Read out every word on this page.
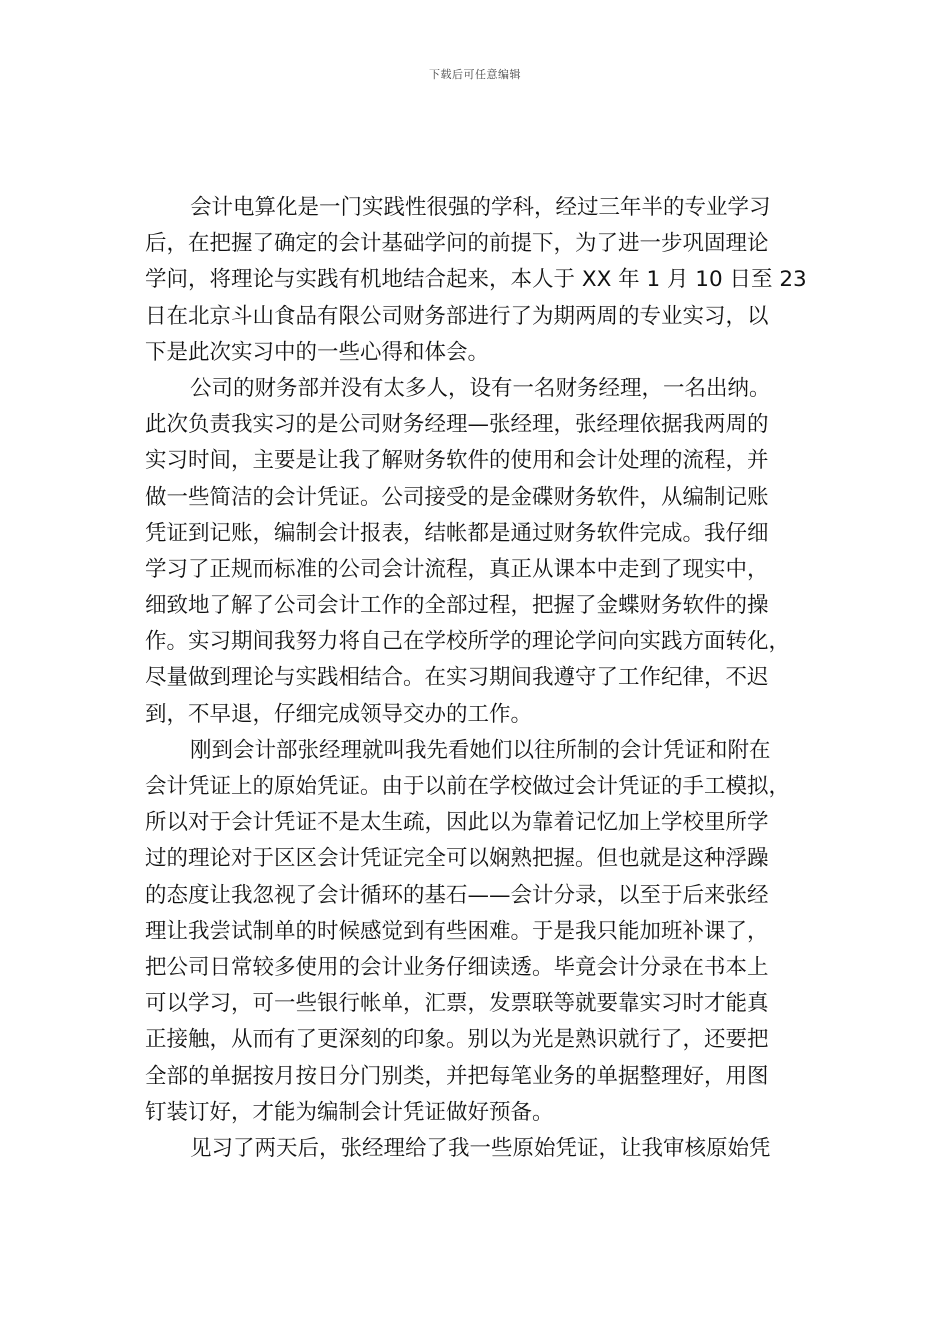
下载后可任意编辑
会计电算化是一门实践性很强的学科，经过三年半的专业学习
后，在把握了确定的会计基础学问的前提下，为了进一步巩固理论
学问，将理论与实践有机地结合起来，本人于 XX 年 1 月 10 日至 23
日在北京斗山食品有限公司财务部进行了为期两周的专业实习，以
下是此次实习中的一些心得和体会。
公司的财务部并没有太多人，设有一名财务经理，一名出纳。
此次负责我实习的是公司财务经理—张经理，张经理依据我两周的
实习时间，主要是让我了解财务软件的使用和会计处理的流程，并
做一些简洁的会计凭证。公司接受的是金碟财务软件，从编制记账
凭证到记账，编制会计报表，结帐都是通过财务软件完成。我仔细
学习了正规而标准的公司会计流程，真正从课本中走到了现实中，
细致地了解了公司会计工作的全部过程，把握了金蝶财务软件的操
作。实习期间我努力将自己在学校所学的理论学问向实践方面转化，
尽量做到理论与实践相结合。在实习期间我遵守了工作纪律，不迟
到，不早退，仔细完成领导交办的工作。
刚到会计部张经理就叫我先看她们以往所制的会计凭证和附在
会计凭证上的原始凭证。由于以前在学校做过会计凭证的手工模拟，
所以对于会计凭证不是太生疏，因此以为靠着记忆加上学校里所学
过的理论对于区区会计凭证完全可以娴熟把握。但也就是这种浮躁
的态度让我忽视了会计循环的基石——会计分录，以至于后来张经
理让我尝试制单的时候感觉到有些困难。于是我只能加班补课了，
把公司日常较多使用的会计业务仔细读透。毕竟会计分录在书本上
可以学习，可一些银行帐单，汇票，发票联等就要靠实习时才能真
正接触，从而有了更深刻的印象。别以为光是熟识就行了，还要把
全部的单据按月按日分门别类，并把每笔业务的单据整理好，用图
钉装订好，才能为编制会计凭证做好预备。
见习了两天后，张经理给了我一些原始凭证，让我审核原始凭
